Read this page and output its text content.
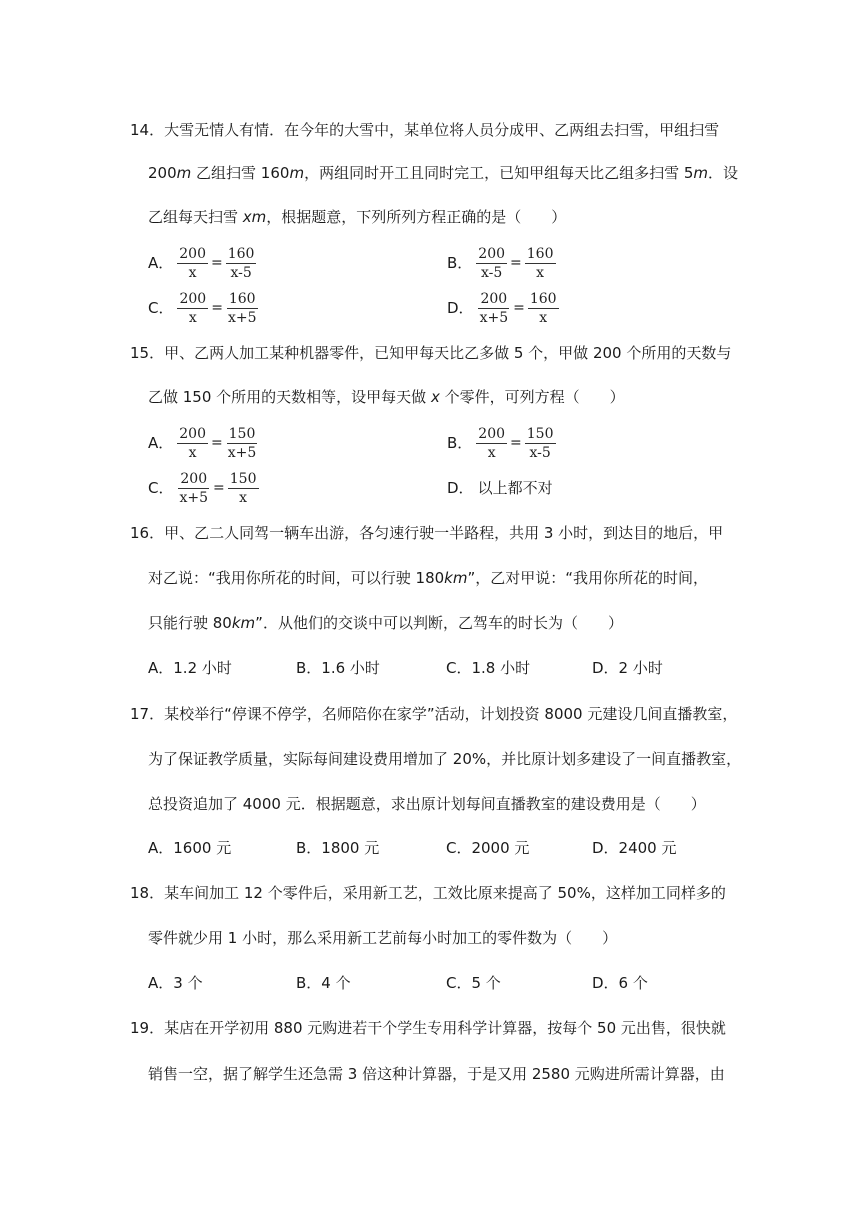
14．大雪无情人有情．在今年的大雪中，某单位将人员分成甲、乙两组去扫雪，甲组扫雪
200m 乙组扫雪 160m，两组同时开工且同时完工，已知甲组每天比乙组多扫雪 5m．设
乙组每天扫雪 xm，根据题意，下列所列方程正确的是（　　）
A． $\frac{200}{x} = \frac{160}{x-5}$	B． $\frac{200}{x-5} = \frac{160}{x}$
C． $\frac{200}{x} = \frac{160}{x+5}$	D． $\frac{200}{x+5} = \frac{160}{x}$
15．甲、乙两人加工某种机器零件，已知甲每天比乙多做 5 个，甲做 200 个所用的天数与
乙做 150 个所用的天数相等，设甲每天做 x 个零件，可列方程（　　）
A． $\frac{200}{x} = \frac{150}{x+5}$	B． $\frac{200}{x} = \frac{150}{x-5}$
C． $\frac{200}{x+5} = \frac{150}{x}$	D． 以上都不对
16．甲、乙二人同驾一辆车出游，各匀速行驶一半路程，共用 3 小时，到达目的地后，甲
对乙说：“我用你所花的时间，可以行驶 180km”，乙对甲说：“我用你所花的时间，
只能行驶 80km”．从他们的交谈中可以判断，乙驾车的时长为（　　）
A．1.2 小时	B．1.6 小时	C．1.8 小时	D．2 小时
17．某校举行“停课不停学，名师陪你在家学”活动，计划投资 8000 元建设几间直播教室，
为了保证教学质量，实际每间建设费用增加了 20%，并比原计划多建设了一间直播教室，
总投资追加了 4000 元．根据题意，求出原计划每间直播教室的建设费用是（　　）
A．1600 元	B．1800 元	C．2000 元	D．2400 元
18．某车间加工 12 个零件后，采用新工艺，工效比原来提高了 50%，这样加工同样多的
零件就少用 1 小时，那么采用新工艺前每小时加工的零件数为（　　）
A．3 个	B．4 个	C．5 个	D．6 个
19．某店在开学初用 880 元购进若干个学生专用科学计算器，按每个 50 元出售，很快就
销售一空，据了解学生还急需 3 倍这种计算器，于是又用 2580 元购进所需计算器，由
